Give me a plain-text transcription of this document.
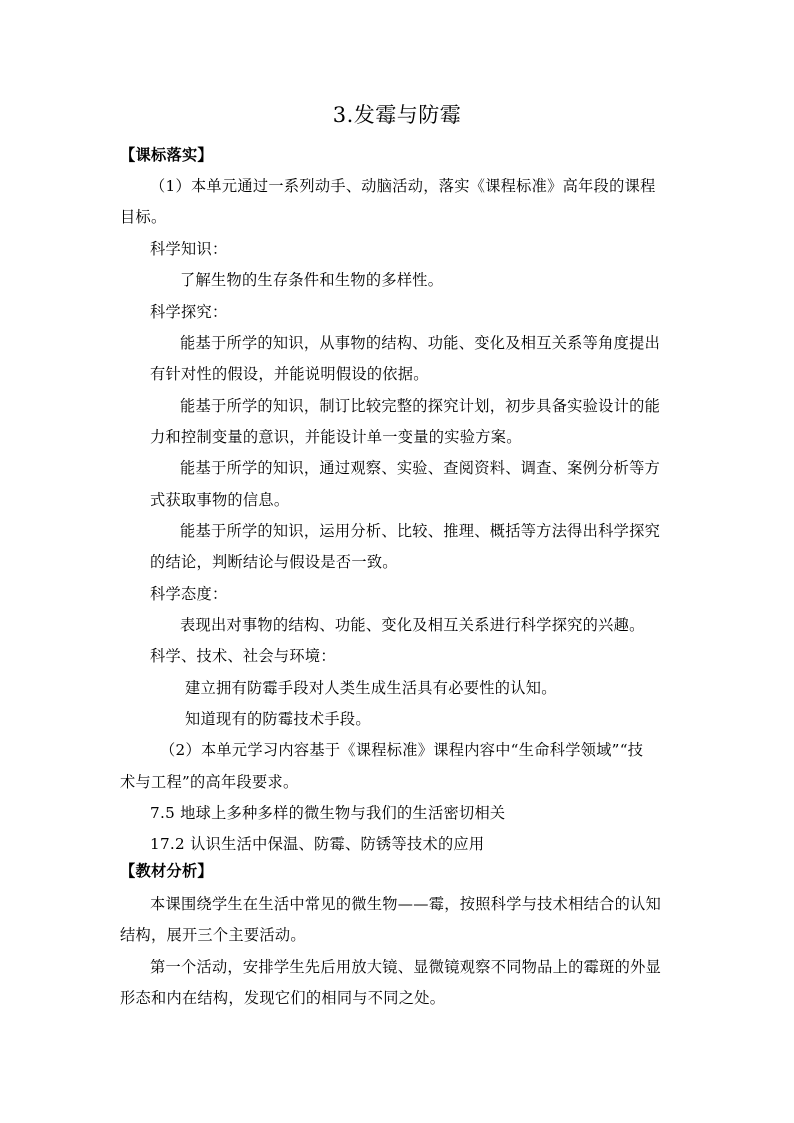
3.发霉与防霉
【课标落实】
（1）本单元通过一系列动手、动脑活动，落实《课程标准》高年段的课程
目标。
科学知识：
了解生物的生存条件和生物的多样性。
科学探究：
能基于所学的知识，从事物的结构、功能、变化及相互关系等角度提出
有针对性的假设，并能说明假设的依据。
能基于所学的知识，制订比较完整的探究计划，初步具备实验设计的能
力和控制变量的意识，并能设计单一变量的实验方案。
能基于所学的知识，通过观察、实验、查阅资料、调查、案例分析等方
式获取事物的信息。
能基于所学的知识，运用分析、比较、推理、概括等方法得出科学探究
的结论，判断结论与假设是否一致。
科学态度：
表现出对事物的结构、功能、变化及相互关系进行科学探究的兴趣。
科学、技术、社会与环境：
建立拥有防霉手段对人类生成生活具有必要性的认知。
知道现有的防霉技术手段。
（2）本单元学习内容基于《课程标准》课程内容中“生命科学领域”“技
术与工程”的高年段要求。
7.5 地球上多种多样的微生物与我们的生活密切相关
17.2 认识生活中保温、防霉、防锈等技术的应用
【教材分析】
本课围绕学生在生活中常见的微生物——霉，按照科学与技术相结合的认知
结构，展开三个主要活动。
第一个活动，安排学生先后用放大镜、显微镜观察不同物品上的霉斑的外显
形态和内在结构，发现它们的相同与不同之处。
